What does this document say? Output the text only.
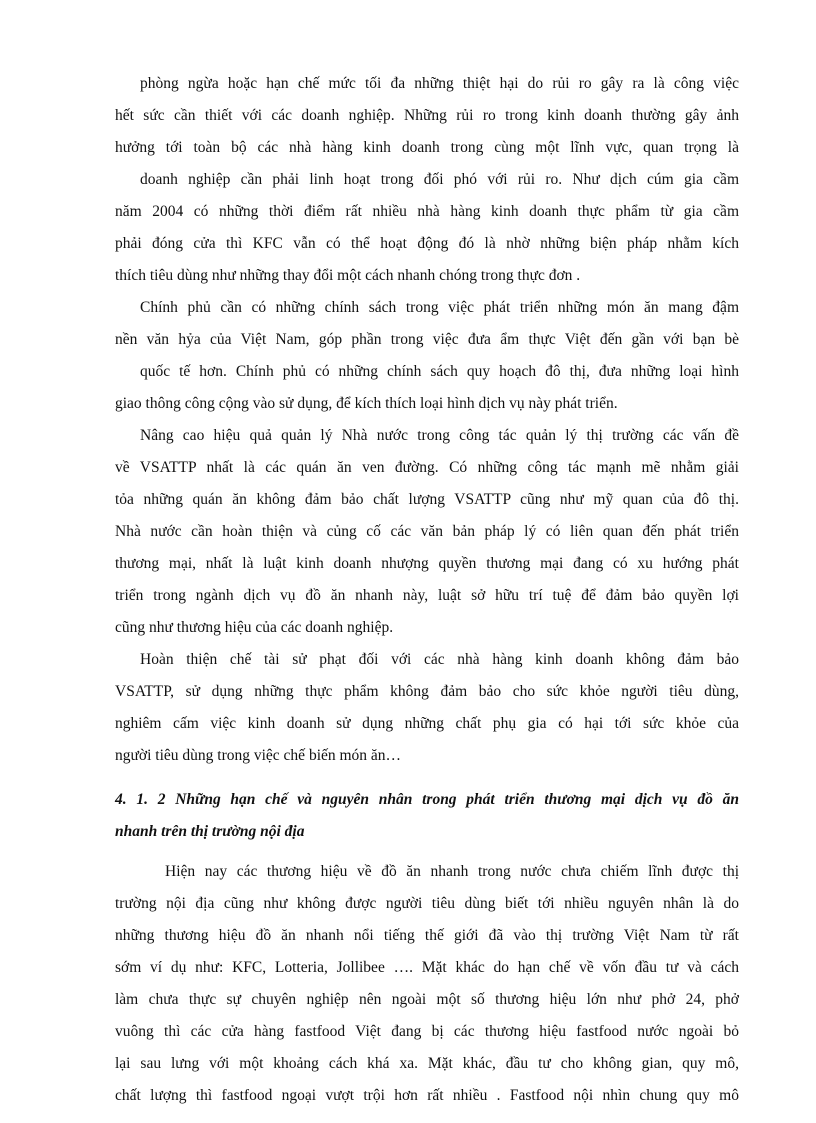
phòng ngừa hoặc hạn chế mức tối đa những thiệt hại do rủi ro gây ra là công việc
hết sức cần thiết với các doanh nghiệp. Những rủi ro trong kinh doanh thường gây ảnh
hưởng tới toàn bộ các nhà hàng kinh doanh trong cùng một lĩnh vực, quan trọng là
doanh nghiệp cần phải linh hoạt trong đối phó với rủi ro. Như dịch cúm gia cầm
năm 2004 có những thời điểm rất nhiều nhà hàng kinh doanh thực phẩm từ gia cầm
phải đóng cửa thì KFC vẫn có thể hoạt động đó là nhờ những biện pháp nhằm kích
thích tiêu dùng như những thay đổi một cách nhanh chóng trong thực đơn .
Chính phủ cần có những chính sách trong việc phát triển những món ăn mang đậm
nền văn hỷa của Việt Nam, góp phần trong việc đưa ẩm thực Việt đến gần với bạn bè
quốc tế hơn. Chính phủ có những chính sách quy hoạch đô thị, đưa những loại hình
giao thông công cộng vào sử dụng, để kích thích loại hình dịch vụ này phát triển.
Nâng cao hiệu quả quản lý Nhà nước trong công tác quản lý thị trường các vấn đề
về VSATTP nhất là các quán ăn ven đường. Có những công tác mạnh mẽ nhằm giải
tỏa những quán ăn không đảm bảo chất lượng VSATTP cũng như mỹ quan của đô thị.
Nhà nước cần hoàn thiện và củng cố các văn bản pháp lý có liên quan đến phát triển
thương mại, nhất là luật kinh doanh nhượng quyền thương mại đang có xu hướng phát
triển trong ngành dịch vụ đồ ăn nhanh này, luật sở hữu trí tuệ để đảm bảo quyền lợi
cũng như thương hiệu của các doanh nghiệp.
Hoàn thiện chế tài sử phạt đối với các nhà hàng kinh doanh không đảm bảo
VSATTP, sử dụng những thực phẩm không đảm bảo cho sức khỏe người tiêu dùng,
nghiêm cấm việc kinh doanh sử dụng những chất phụ gia có hại tới sức khỏe của
người tiêu dùng trong việc chế biến món ăn…
4. 1. 2 Những hạn chế và nguyên nhân trong phát triển thương mại dịch vụ đồ ăn
nhanh trên thị trường nội địa
Hiện nay các thương hiệu về đồ ăn nhanh trong nước chưa chiếm lĩnh được thị
trường nội địa cũng như không được người tiêu dùng biết tới nhiều nguyên nhân là do
những thương hiệu đồ ăn nhanh nổi tiếng thế giới đã vào thị trường Việt Nam từ rất
sớm ví dụ như: KFC, Lotteria, Jollibee …. Mặt khác do hạn chế về vốn đầu tư và cách
làm chưa thực sự chuyên nghiệp nên ngoài một số thương hiệu lớn như phở 24, phở
vuông thì các cửa hàng fastfood Việt đang bị các thương hiệu fastfood nước ngoài bỏ
lại sau lưng với một khoảng cách khá xa. Mặt khác, đầu tư cho không gian, quy mô,
chất lượng thì fastfood ngoại vượt trội hơn rất nhiều . Fastfood nội nhìn chung quy mô
